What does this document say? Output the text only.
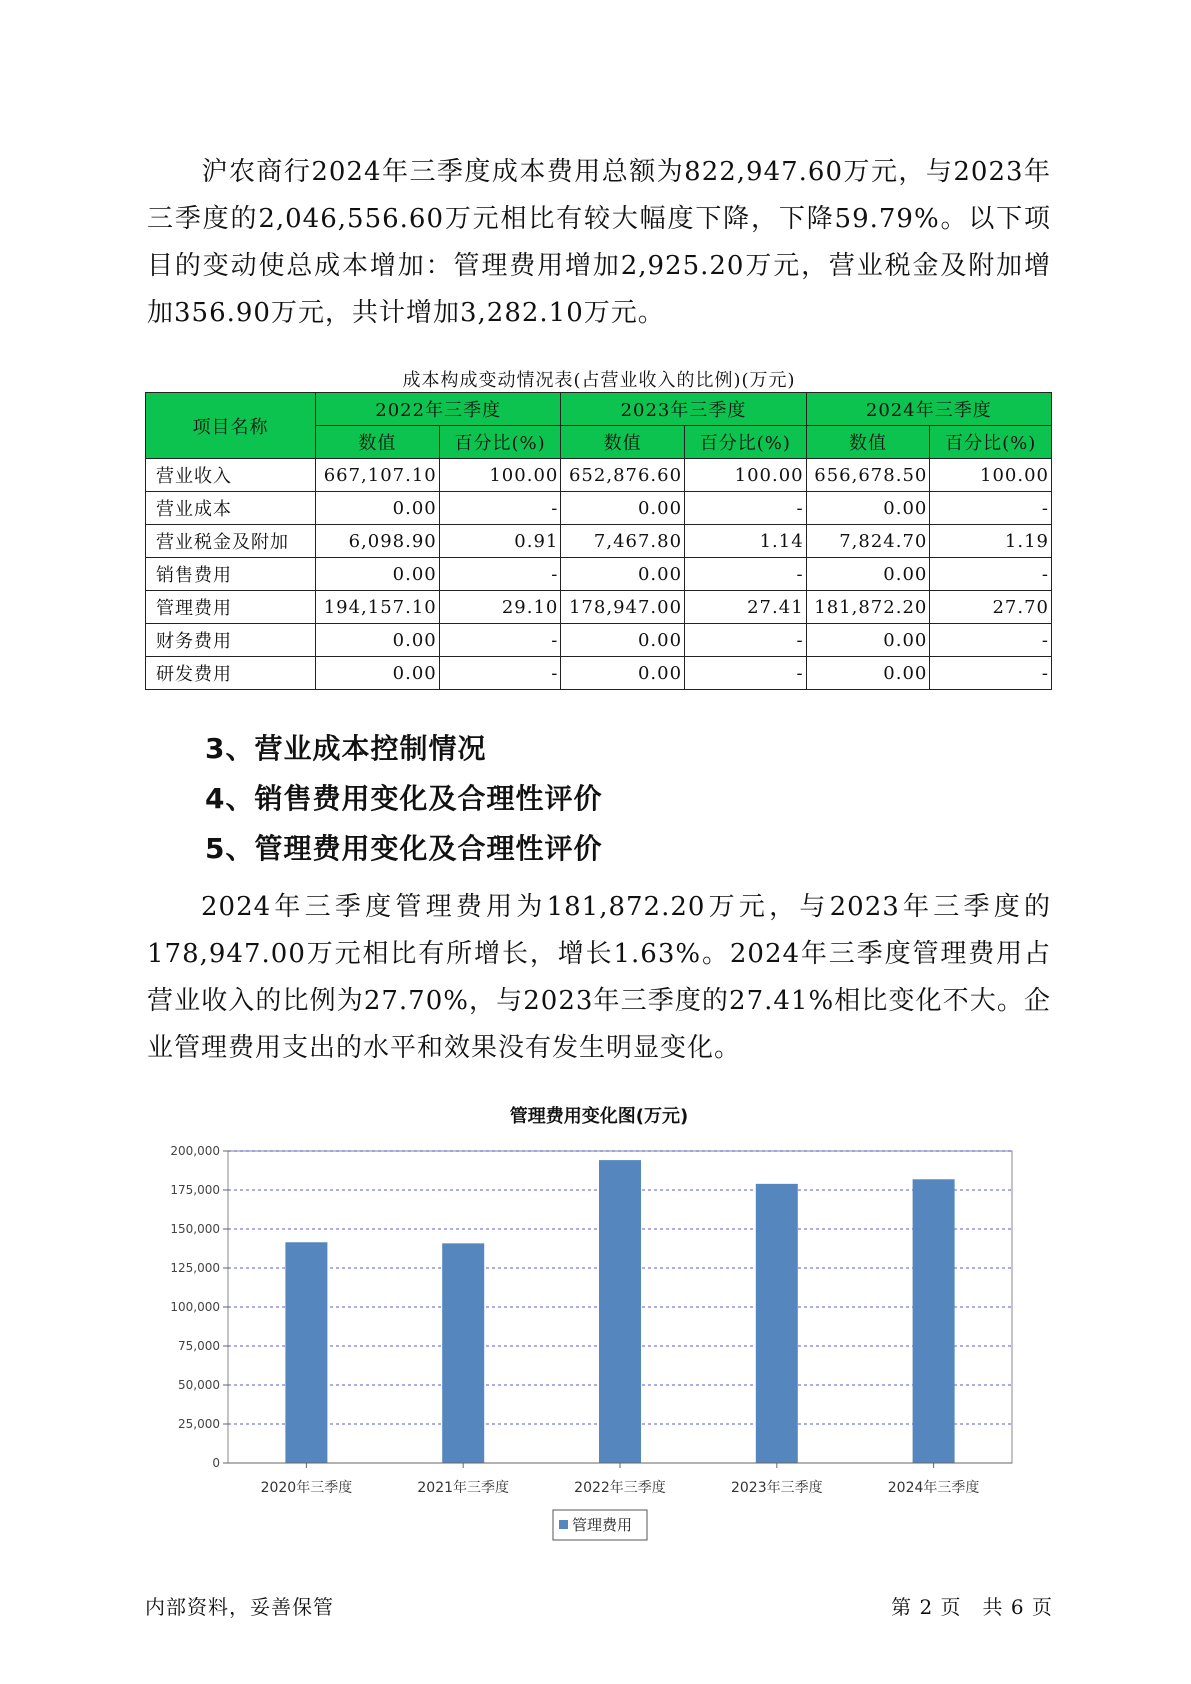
沪农商行2024年三季度成本费用总额为822,947.60万元，与2023年三季度的2,046,556.60万元相比有较大幅度下降，下降59.79%。以下项目的变动使总成本增加：管理费用增加2,925.20万元，营业税金及附加增加356.90万元，共计增加3,282.10万元。

成本构成变动情况表(占营业收入的比例)(万元)
项目名称	2022年三季度		2023年三季度		2024年三季度	
	数值	百分比(%)	数值	百分比(%)	数值	百分比(%)
营业收入	667,107.10	100.00	652,876.60	100.00	656,678.50	100.00
营业成本	0.00	-	0.00	-	0.00	-
营业税金及附加	6,098.90	0.91	7,467.80	1.14	7,824.70	1.19
销售费用	0.00	-	0.00	-	0.00	-
管理费用	194,157.10	29.10	178,947.00	27.41	181,872.20	27.70
财务费用	0.00	-	0.00	-	0.00	-
研发费用	0.00	-	0.00	-	0.00	-
3、营业成本控制情况
4、销售费用变化及合理性评价
5、管理费用变化及合理性评价

2024年三季度管理费用为181,872.20万元，与2023年三季度的178,947.00万元相比有所增长，增长1.63%。2024年三季度管理费用占营业收入的比例为27.70%，与2023年三季度的27.41%相比变化不大。企业管理费用支出的水平和效果没有发生明显变化。

管理费用变化图(万元)
0
25,000
50,000
75,000
100,000
125,000
150,000
175,000
200,000
2020年三季度	2021年三季度	2022年三季度	2023年三季度	2024年三季度
管理费用
内部资料，妥善保管	第 2 页　共 6 页
